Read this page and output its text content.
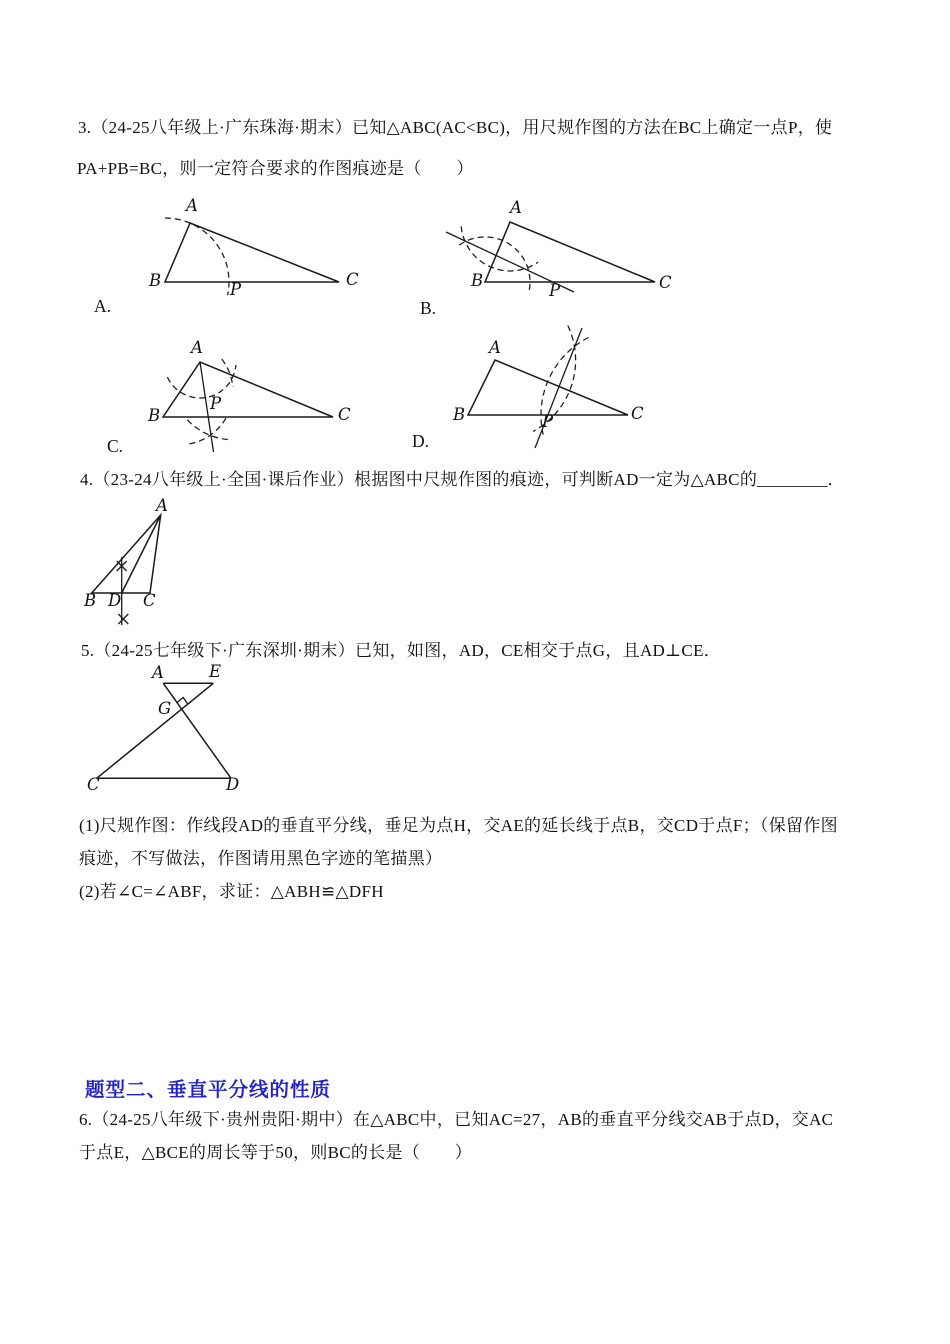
3.（24-25八年级上·广东珠海·期末）已知△ABC(AC<BC)，用尺规作图的方法在BC上确定一点P，使
PA+PB=BC，则一定符合要求的作图痕迹是（　　）
A
B	C
P
A.
A
B	C
P
B.
A
B	C
P
C.
A
B	C
P
D.
4.（23-24八年级上·全国·课后作业）根据图中尺规作图的痕迹，可判断AD一定为△ABC的________．
A
B D C
5.（24-25七年级下·广东深圳·期末）已知，如图，AD，CE相交于点G，且AD⊥CE．
A	E
G
C	D
(1)尺规作图：作线段AD的垂直平分线，垂足为点H，交AE的延长线于点B，交CD于点F；（保留作图
痕迹，不写做法，作图请用黑色字迹的笔描黑）
(2)若∠C=∠ABF，求证：△ABH≌△DFH
题型二、垂直平分线的性质
6.（24-25八年级下·贵州贵阳·期中）在△ABC中，已知AC=27，AB的垂直平分线交AB于点D，交AC
于点E，△BCE的周长等于50，则BC的长是（　　）
